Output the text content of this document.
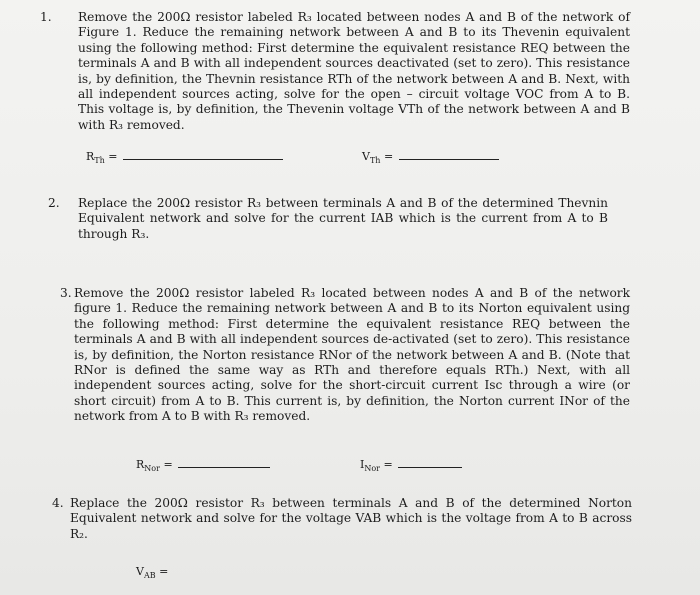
1. Remove the 200Ω resistor labeled R₃ located between nodes A and B of the network of Figure 1. Reduce the remaining network between A and B to its Thevenin equivalent using the following method: First determine the equivalent resistance REQ between the terminals A and B with all independent sources deactivated (set to zero). This resistance is, by definition, the Thevnin resistance RTh of the network between A and B. Next, with all independent sources acting, solve for the open – circuit voltage VOC from A to B. This voltage is, by definition, the Thevenin voltage VTh of the network between A and B with R₃ removed.
$R_{Th}$ =	$V_{Th}$ =
2. Replace the 200Ω resistor R₃ between terminals A and B of the determined Thevnin Equivalent network and solve for the current IAB which is the current from A to B through R₃.
3. Remove the 200Ω resistor labeled R₃ located between nodes A and B of the network figure 1. Reduce the remaining network between A and B to its Norton equivalent using the following method: First determine the equivalent resistance REQ between the terminals A and B with all independent sources de-activated (set to zero). This resistance is, by definition, the Norton resistance RNor of the network between A and B. (Note that RNor is defined the same way as RTh and therefore equals RTh.) Next, with all independent sources acting, solve for the short-circuit current Isc through a wire (or short circuit) from A to B. This current is, by definition, the Norton current INor of the network from A to B with R₃ removed.
$R_{Nor}$ =	$I_{Nor}$ =
4. Replace the 200Ω resistor R₃ between terminals A and B of the determined Norton Equivalent network and solve for the voltage VAB which is the voltage from A to B across R₂.
$V_{AB}$ =
